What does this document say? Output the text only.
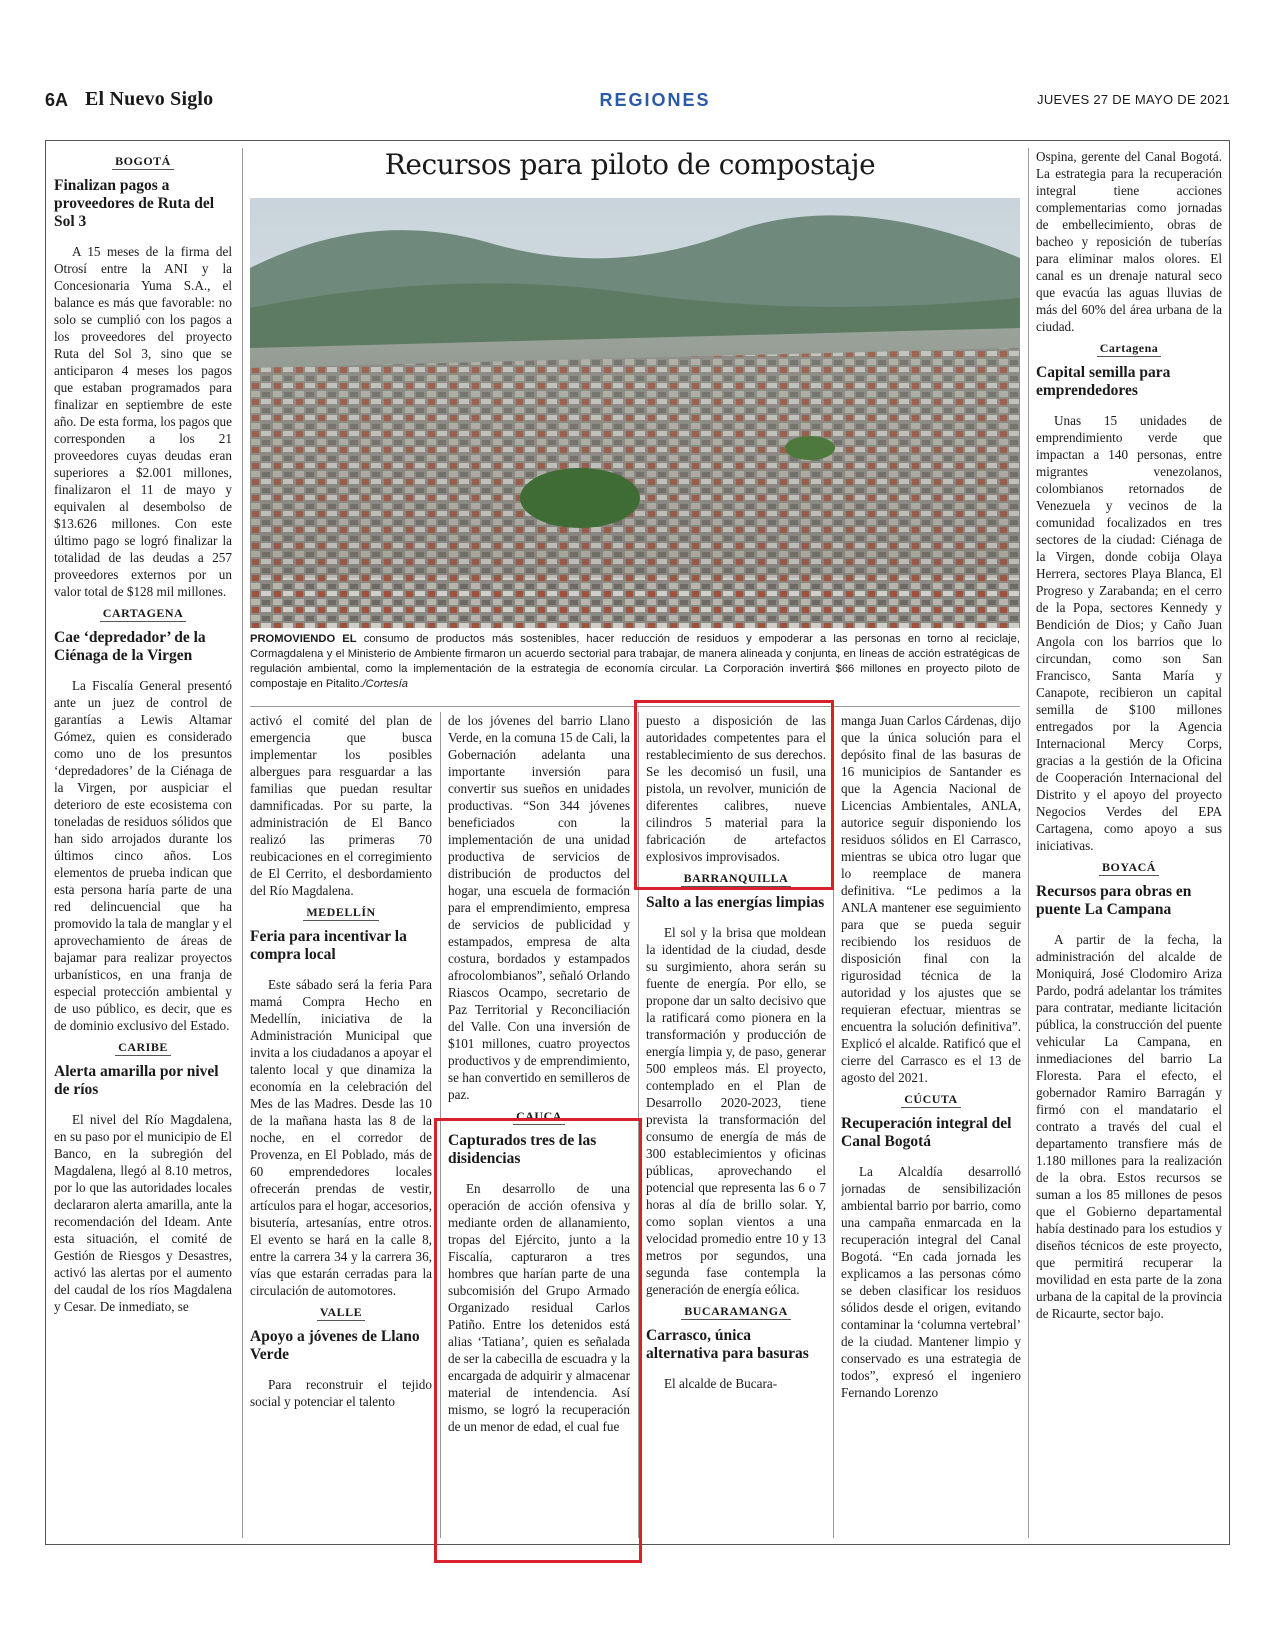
6A El Nuevo Siglo	REGIONES	JUEVES 27 DE MAYO DE 2021
Recursos para piloto de compostaje
PROMOVIENDO EL consumo de productos más sostenibles, hacer reducción de residuos y empoderar a las personas en torno al reciclaje, Cormagdalena y el Ministerio de Ambiente firmaron un acuerdo sectorial para trabajar, de manera alineada y conjunta, en líneas de acción estratégicas de regulación ambiental, como la implementación de la estrategia de economía circular. La Corporación invertirá $66 millones en proyecto piloto de compostaje en Pitalito./Cortesía
BOGOTÁ
Finalizan pagos a proveedores de Ruta del Sol 3

A 15 meses de la firma del Otrosí entre la ANI y la Concesionaria Yuma S.A., el balance es más que favorable: no solo se cumplió con los pagos a los proveedores del proyecto Ruta del Sol 3, sino que se anticiparon 4 meses los pagos que estaban programados para finalizar en septiembre de este año. De esta forma, los pagos que corresponden a los 21 proveedores cuyas deudas eran superiores a $2.001 millones, finalizaron el 11 de mayo y equivalen al desembolso de $13.626 millones. Con este último pago se logró finalizar la totalidad de las deudas a 257 proveedores externos por un valor total de $128 mil millones.

CARTAGENA
Cae ‘depredador’ de la Ciénaga de la Virgen

La Fiscalía General presentó ante un juez de control de garantías a Lewis Altamar Gómez, quien es considerado como uno de los presuntos ‘depredadores’ de la Ciénaga de la Virgen, por auspiciar el deterioro de este ecosistema con toneladas de residuos sólidos que han sido arrojados durante los últimos cinco años. Los elementos de prueba indican que esta persona haría parte de una red delincuencial que ha promovido la tala de manglar y el aprovechamiento de áreas de bajamar para realizar proyectos urbanísticos, en una franja de especial protección ambiental y de uso público, es decir, que es de dominio exclusivo del Estado.

CARIBE
Alerta amarilla por nivel de ríos

El nivel del Río Magdalena, en su paso por el municipio de El Banco, en la subregión del Magdalena, llegó al 8.10 metros, por lo que las autoridades locales declararon alerta amarilla, ante la recomendación del Ideam. Ante esta situación, el comité de Gestión de Riesgos y Desastres, activó las alertas por el aumento del caudal de los ríos Magdalena y Cesar. De inmediato, se

activó el comité del plan de emergencia que busca implementar los posibles albergues para resguardar a las familias que puedan resultar damnificadas. Por su parte, la administración de El Banco realizó las primeras 70 reubicaciones en el corregimiento de El Cerrito, el desbordamiento del Río Magdalena.

MEDELLÍN
Feria para incentivar la compra local

Este sábado será la feria Para mamá Compra Hecho en Medellín, iniciativa de la Administración Municipal que invita a los ciudadanos a apoyar el talento local y que dinamiza la economía en la celebración del Mes de las Madres. Desde las 10 de la mañana hasta las 8 de la noche, en el corredor de Provenza, en El Poblado, más de 60 emprendedores locales ofrecerán prendas de vestir, artículos para el hogar, accesorios, bisutería, artesanías, entre otros. El evento se hará en la calle 8, entre la carrera 34 y la carrera 36, vías que estarán cerradas para la circulación de automotores.

VALLE
Apoyo a jóvenes de Llano Verde

Para reconstruir el tejido social y potenciar el talento

de los jóvenes del barrio Llano Verde, en la comuna 15 de Cali, la Gobernación adelanta una importante inversión para convertir sus sueños en unidades productivas. “Son 344 jóvenes beneficiados con la implementación de una unidad productiva de servicios de distribución de productos del hogar, una escuela de formación para el emprendimiento, empresa de servicios de publicidad y estampados, empresa de alta costura, bordados y estampados afrocolombianos”, señaló Orlando Riascos Ocampo, secretario de Paz Territorial y Reconciliación del Valle. Con una inversión de $101 millones, cuatro proyectos productivos y de emprendimiento, se han convertido en semilleros de paz.

CAUCA
Capturados tres de las disidencias

En desarrollo de una operación de acción ofensiva y mediante orden de allanamiento, tropas del Ejército, junto a la Fiscalía, capturaron a tres hombres que harían parte de una subcomisión del Grupo Armado Organizado residual Carlos Patiño. Entre los detenidos está alias ‘Tatiana’, quien es señalada de ser la cabecilla de escuadra y la encargada de adquirir y almacenar material de intendencia. Así mismo, se logró la recuperación de un menor de edad, el cual fue

puesto a disposición de las autoridades competentes para el restablecimiento de sus derechos. Se les decomisó un fusil, una pistola, un revolver, munición de diferentes calibres, nueve cilindros 5 material para la fabricación de artefactos explosivos improvisados.

BARRANQUILLA
Salto a las energías limpias

El sol y la brisa que moldean la identidad de la ciudad, desde su surgimiento, ahora serán su fuente de energía. Por ello, se propone dar un salto decisivo que la ratificará como pionera en la transformación y producción de energía limpia y, de paso, generar 500 empleos más. El proyecto, contemplado en el Plan de Desarrollo 2020-2023, tiene prevista la transformación del consumo de energía de más de 300 establecimientos y oficinas públicas, aprovechando el potencial que representa las 6 o 7 horas al día de brillo solar. Y, como soplan vientos a una velocidad promedio entre 10 y 13 metros por segundos, una segunda fase contempla la generación de energía eólica.

BUCARAMANGA
Carrasco, única alternativa para basuras

El alcalde de Bucara-

manga Juan Carlos Cárdenas, dijo que la única solución para el depósito final de las basuras de 16 municipios de Santander es que la Agencia Nacional de Licencias Ambientales, ANLA, autorice seguir disponiendo los residuos sólidos en El Carrasco, mientras se ubica otro lugar que lo reemplace de manera definitiva. “Le pedimos a la ANLA mantener ese seguimiento para que se pueda seguir recibiendo los residuos de disposición final con la rigurosidad técnica de la autoridad y los ajustes que se requieran efectuar, mientras se encuentra la solución definitiva”. Explicó el alcalde. Ratificó que el cierre del Carrasco es el 13 de agosto del 2021.

CÚCUTA
Recuperación integral del Canal Bogotá

La Alcaldía desarrolló jornadas de sensibilización ambiental barrio por barrio, como una campaña enmarcada en la recuperación integral del Canal Bogotá. “En cada jornada les explicamos a las personas cómo se deben clasificar los residuos sólidos desde el origen, evitando contaminar la ‘columna vertebral’ de la ciudad. Mantener limpio y conservado es una estrategia de todos”, expresó el ingeniero Fernando Lorenzo

Ospina, gerente del Canal Bogotá. La estrategia para la recuperación integral tiene acciones complementarias como jornadas de embellecimiento, obras de bacheo y reposición de tuberías para eliminar malos olores. El canal es un drenaje natural seco que evacúa las aguas lluvias de más del 60% del área urbana de la ciudad.

Cartagena
Capital semilla para emprendedores

Unas 15 unidades de emprendimiento verde que impactan a 140 personas, entre migrantes venezolanos, colombianos retornados de Venezuela y vecinos de la comunidad focalizados en tres sectores de la ciudad: Ciénaga de la Virgen, donde cobija Olaya Herrera, sectores Playa Blanca, El Progreso y Zarabanda; en el cerro de la Popa, sectores Kennedy y Bendición de Dios; y Caño Juan Angola con los barrios que lo circundan, como son San Francisco, Santa María y Canapote, recibieron un capital semilla de $100 millones entregados por la Agencia Internacional Mercy Corps, gracias a la gestión de la Oficina de Cooperación Internacional del Distrito y el apoyo del proyecto Negocios Verdes del EPA Cartagena, como apoyo a sus iniciativas.

BOYACÁ
Recursos para obras en puente La Campana

A partir de la fecha, la administración del alcalde de Moniquirá, José Clodomiro Ariza Pardo, podrá adelantar los trámites para contratar, mediante licitación pública, la construcción del puente vehicular La Campana, en inmediaciones del barrio La Floresta. Para el efecto, el gobernador Ramiro Barragán y firmó con el mandatario el contrato a través del cual el departamento transfiere más de 1.180 millones para la realización de la obra. Estos recursos se suman a los 85 millones de pesos que el Gobierno departamental había destinado para los estudios y diseños técnicos de este proyecto, que permitirá recuperar la movilidad en esta parte de la zona urbana de la capital de la provincia de Ricaurte, sector bajo.
